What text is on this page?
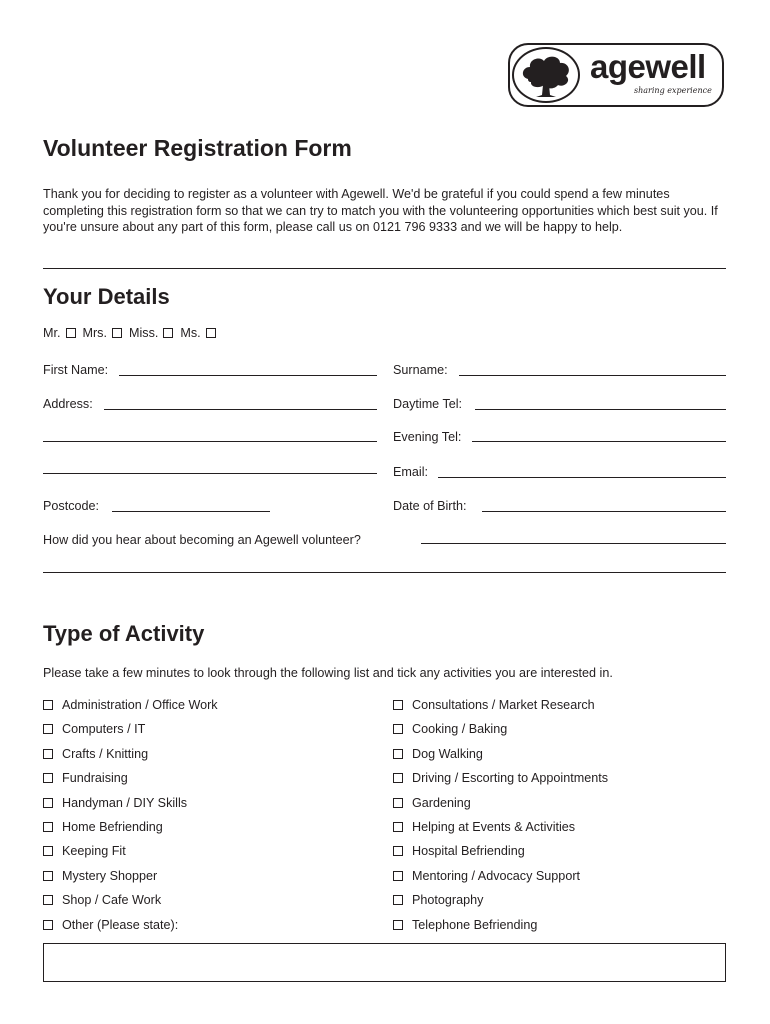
agewell
sharing experience
Volunteer Registration Form
Thank you for deciding to register as a volunteer with Agewell. We'd be grateful if you could spend a few minutes completing this registration form so that we can try to match you with the volunteering opportunities which best suit you. If you're unsure about any part of this form, please call us on 0121 796 9333 and we will be happy to help.
Your Details
Mr. Mrs. Miss. Ms.
First Name:
Address:
Postcode:
Surname:
Daytime Tel:
Evening Tel:
Email:
Date of Birth:
How did you hear about becoming an Agewell volunteer?
Type of Activity
Please take a few minutes to look through the following list and tick any activities you are interested in.
Administration / Office Work
Computers / IT
Crafts / Knitting
Fundraising
Handyman / DIY Skills
Home Befriending
Keeping Fit
Mystery Shopper
Shop / Cafe Work
Other (Please state):
Consultations / Market Research
Cooking / Baking
Dog Walking
Driving / Escorting to Appointments
Gardening
Helping at Events & Activities
Hospital Befriending
Mentoring / Advocacy Support
Photography
Telephone Befriending
